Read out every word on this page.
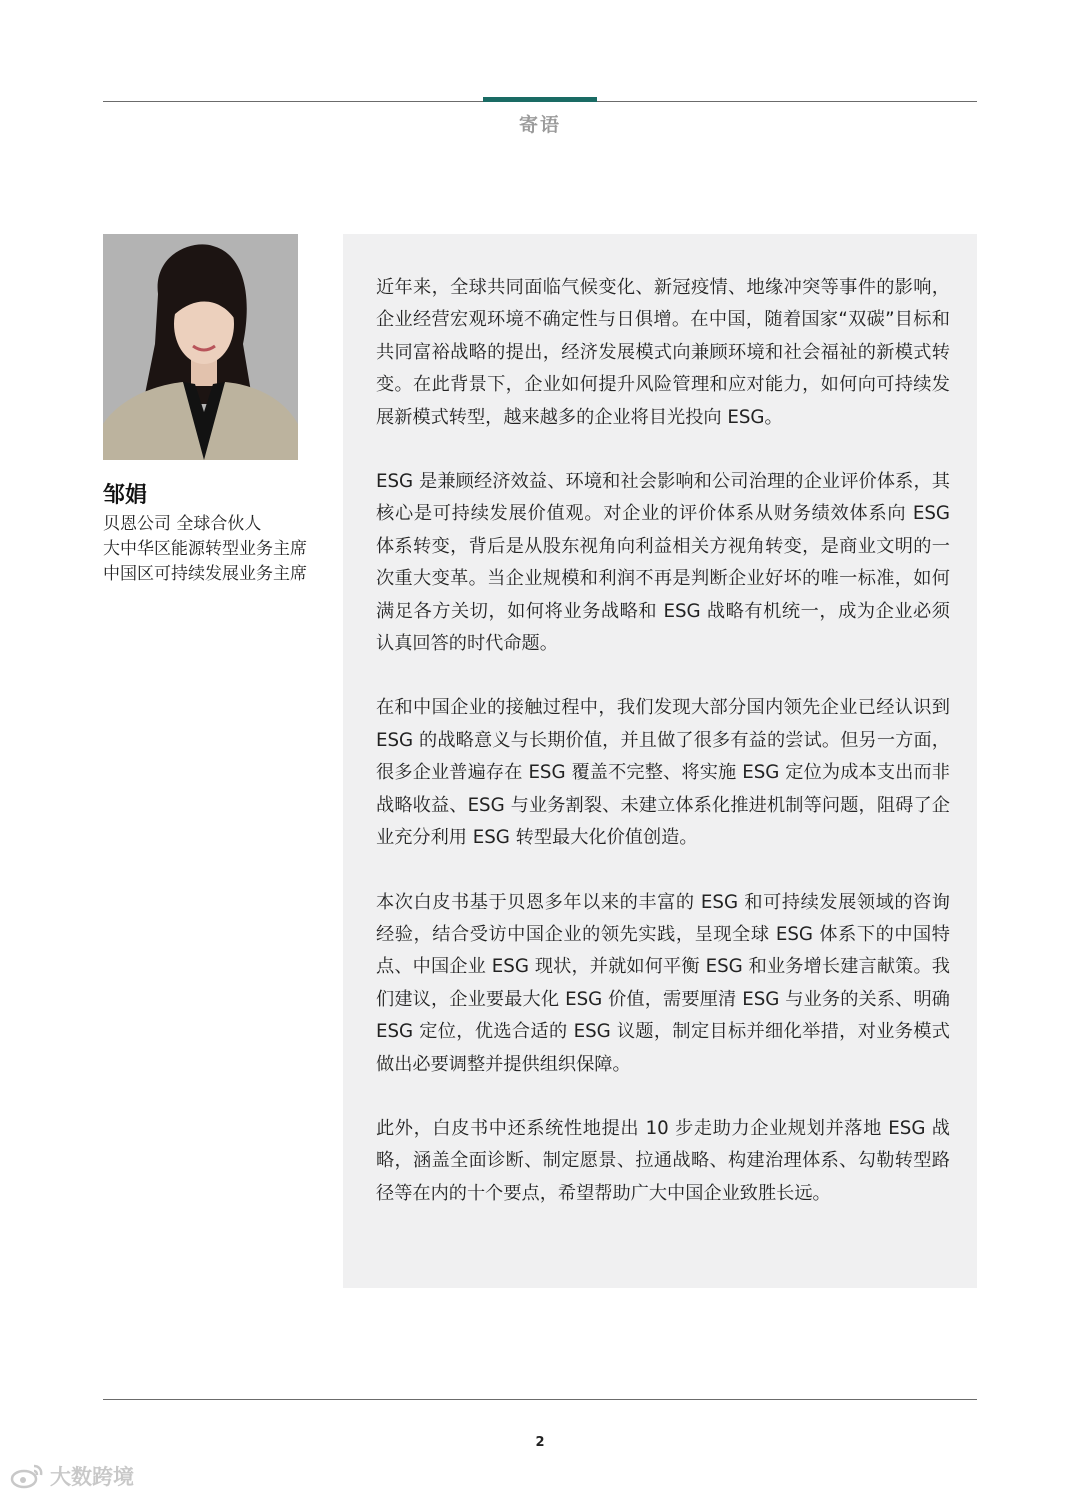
寄语
邹娟
贝恩公司 全球合伙人
大中华区能源转型业务主席
中国区可持续发展业务主席

近年来，全球共同面临气候变化、新冠疫情、地缘冲突等事件的影响，企业经营宏观环境不确定性与日俱增。在中国，随着国家“双碳”目标和共同富裕战略的提出，经济发展模式向兼顾环境和社会福祉的新模式转变。在此背景下，企业如何提升风险管理和应对能力，如何向可持续发展新模式转型，越来越多的企业将目光投向 ESG。

ESG 是兼顾经济效益、环境和社会影响和公司治理的企业评价体系，其核心是可持续发展价值观。对企业的评价体系从财务绩效体系向 ESG 体系转变，背后是从股东视角向利益相关方视角转变，是商业文明的一次重大变革。当企业规模和利润不再是判断企业好坏的唯一标准，如何满足各方关切，如何将业务战略和 ESG 战略有机统一，成为企业必须认真回答的时代命题。

在和中国企业的接触过程中，我们发现大部分国内领先企业已经认识到 ESG 的战略意义与长期价值，并且做了很多有益的尝试。但另一方面，很多企业普遍存在 ESG 覆盖不完整、将实施 ESG 定位为成本支出而非战略收益、ESG 与业务割裂、未建立体系化推进机制等问题，阻碍了企业充分利用 ESG 转型最大化价值创造。

本次白皮书基于贝恩多年以来的丰富的 ESG 和可持续发展领域的咨询经验，结合受访中国企业的领先实践，呈现全球 ESG 体系下的中国特点、中国企业 ESG 现状，并就如何平衡 ESG 和业务增长建言献策。我们建议，企业要最大化 ESG 价值，需要厘清 ESG 与业务的关系、明确 ESG 定位，优选合适的 ESG 议题，制定目标并细化举措，对业务模式做出必要调整并提供组织保障。

此外，白皮书中还系统性地提出 10 步走助力企业规划并落地 ESG 战略，涵盖全面诊断、制定愿景、拉通战略、构建治理体系、勾勒转型路径等在内的十个要点，希望帮助广大中国企业致胜长远。

2
大数跨境
